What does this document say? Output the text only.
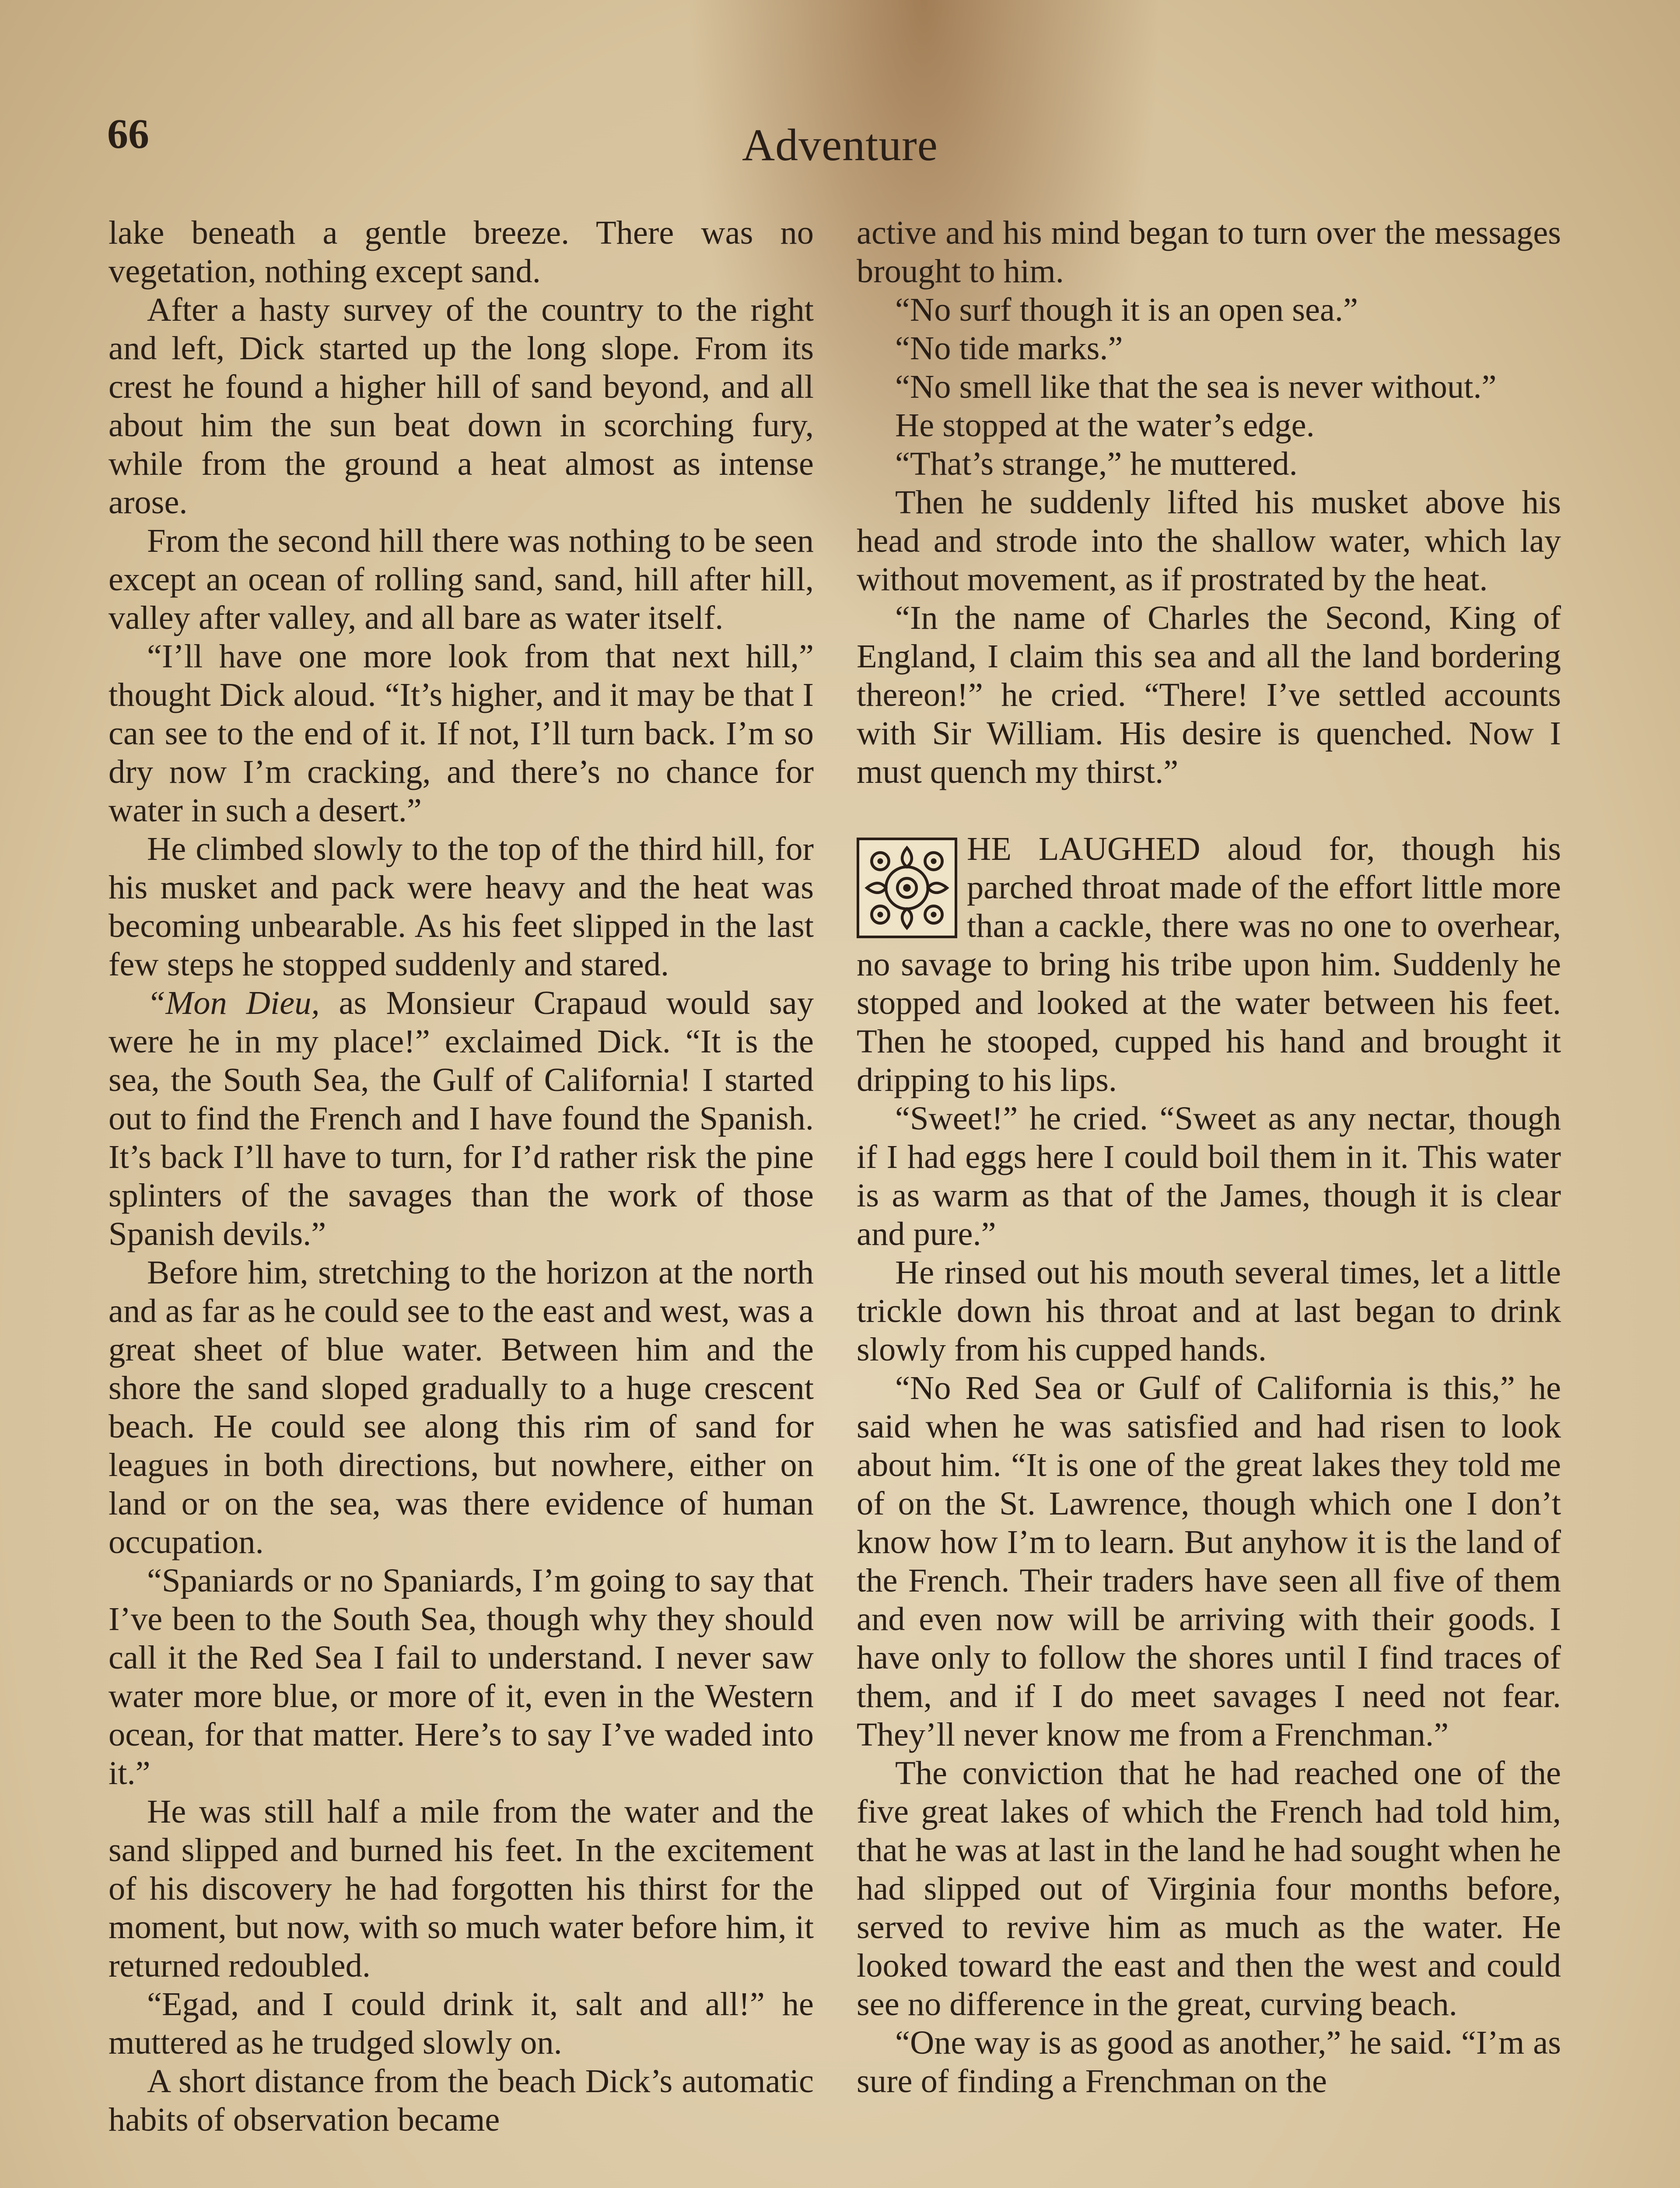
66	Adventure

lake beneath a gentle breeze. There was no vegetation, nothing except sand.

After a hasty survey of the country to the right and left, Dick started up the long slope. From its crest he found a higher hill of sand beyond, and all about him the sun beat down in scorching fury, while from the ground a heat almost as intense arose.

From the second hill there was nothing to be seen except an ocean of rolling sand, sand, hill after hill, valley after valley, and all bare as water itself.

“I’ll have one more look from that next hill,” thought Dick aloud. “It’s higher, and it may be that I can see to the end of it. If not, I’ll turn back. I’m so dry now I’m cracking, and there’s no chance for water in such a desert.”

He climbed slowly to the top of the third hill, for his musket and pack were heavy and the heat was becoming unbearable. As his feet slipped in the last few steps he stopped suddenly and stared.

“Mon Dieu, as Monsieur Crapaud would say were he in my place!” exclaimed Dick. “It is the sea, the South Sea, the Gulf of California! I started out to find the French and I have found the Spanish. It’s back I’ll have to turn, for I’d rather risk the pine splinters of the savages than the work of those Spanish devils.”

Before him, stretching to the horizon at the north and as far as he could see to the east and west, was a great sheet of blue water. Between him and the shore the sand sloped gradually to a huge crescent beach. He could see along this rim of sand for leagues in both directions, but nowhere, either on land or on the sea, was there evidence of human occupation.

“Spaniards or no Spaniards, I’m going to say that I’ve been to the South Sea, though why they should call it the Red Sea I fail to understand. I never saw water more blue, or more of it, even in the Western ocean, for that matter. Here’s to say I’ve waded into it.”

He was still half a mile from the water and the sand slipped and burned his feet. In the excitement of his discovery he had forgotten his thirst for the moment, but now, with so much water before him, it returned redoubled.

“Egad, and I could drink it, salt and all!” he muttered as he trudged slowly on.

A short distance from the beach Dick’s automatic habits of observation became

active and his mind began to turn over the messages brought to him.

“No surf though it is an open sea.”

“No tide marks.”

“No smell like that the sea is never without.”

He stopped at the water’s edge.

“That’s strange,” he muttered.

Then he suddenly lifted his musket above his head and strode into the shallow water, which lay without movement, as if prostrated by the heat.

“In the name of Charles the Second, King of England, I claim this sea and all the land bordering thereon!” he cried. “There! I’ve settled accounts with Sir William. His desire is quenched. Now I must quench my thirst.”

HE LAUGHED aloud for, though his parched throat made of the effort little more than a cackle, there was no one to overhear, no savage to bring his tribe upon him. Suddenly he stopped and looked at the water between his feet. Then he stooped, cupped his hand and brought it dripping to his lips.

“Sweet!” he cried. “Sweet as any nectar, though if I had eggs here I could boil them in it. This water is as warm as that of the James, though it is clear and pure.”

He rinsed out his mouth several times, let a little trickle down his throat and at last began to drink slowly from his cupped hands.

“No Red Sea or Gulf of California is this,” he said when he was satisfied and had risen to look about him. “It is one of the great lakes they told me of on the St. Lawrence, though which one I don’t know how I’m to learn. But anyhow it is the land of the French. Their traders have seen all five of them and even now will be arriving with their goods. I have only to follow the shores until I find traces of them, and if I do meet savages I need not fear. They’ll never know me from a Frenchman.”

The conviction that he had reached one of the five great lakes of which the French had told him, that he was at last in the land he had sought when he had slipped out of Virginia four months before, served to revive him as much as the water. He looked toward the east and then the west and could see no difference in the great, curving beach.

“One way is as good as another,” he said. “I’m as sure of finding a Frenchman on the
